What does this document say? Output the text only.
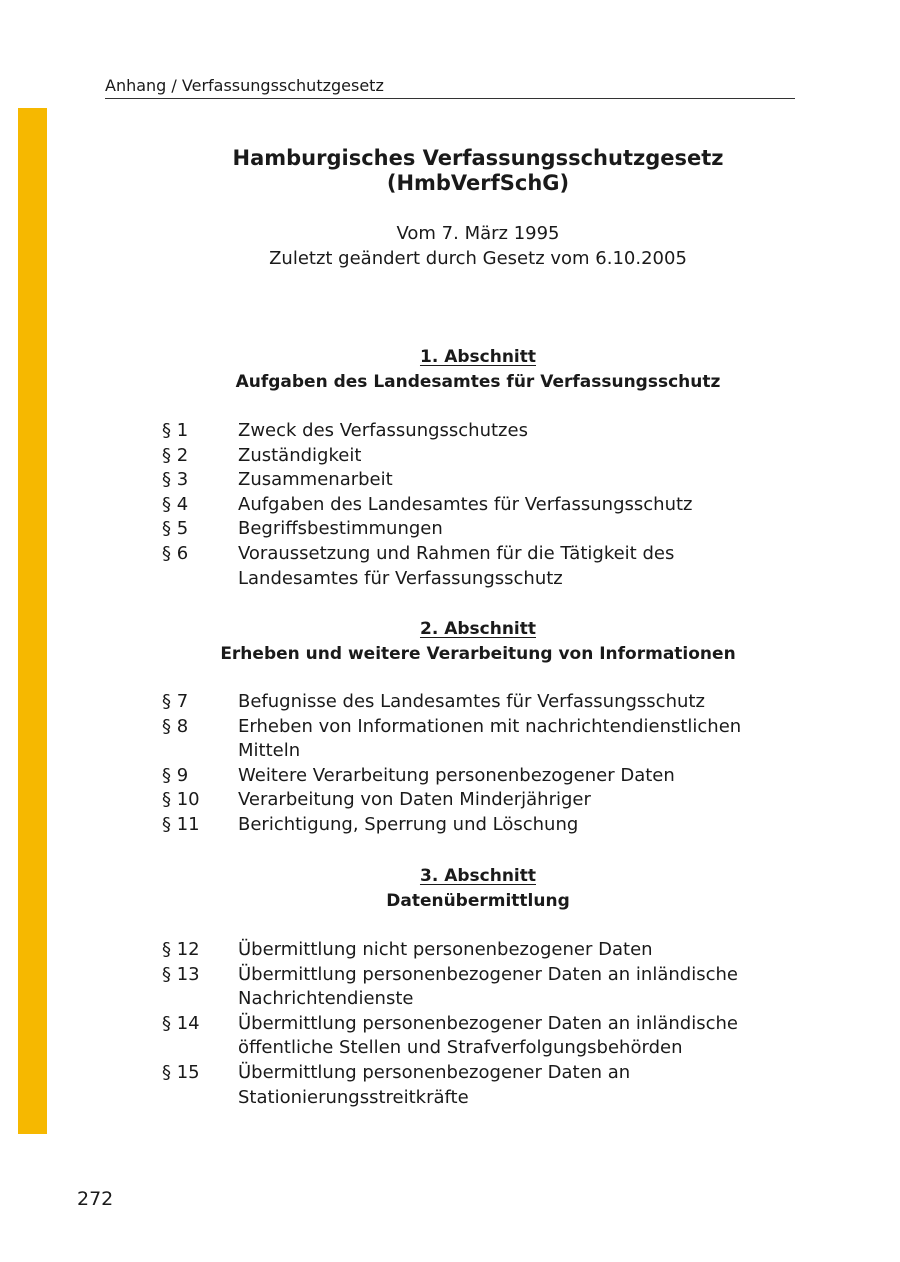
Anhang / Verfassungsschutzgesetz
Hamburgisches Verfassungsschutzgesetz
(HmbVerfSchG)
Vom 7. März 1995
Zuletzt geändert durch Gesetz vom 6.10.2005
1. Abschnitt
Aufgaben des Landesamtes für Verfassungsschutz
§ 1	Zweck des Verfassungsschutzes
§ 2	Zuständigkeit
§ 3	Zusammenarbeit
§ 4	Aufgaben des Landesamtes für Verfassungsschutz
§ 5	Begriffsbestimmungen
§ 6	Voraussetzung und Rahmen für die Tätigkeit des Landesamtes für Verfassungsschutz
2. Abschnitt
Erheben und weitere Verarbeitung von Informationen
§ 7	Befugnisse des Landesamtes für Verfassungsschutz
§ 8	Erheben von Informationen mit nachrichtendienstlichen Mitteln
§ 9	Weitere Verarbeitung personenbezogener Daten
§ 10	Verarbeitung von Daten Minderjähriger
§ 11	Berichtigung, Sperrung und Löschung
3. Abschnitt
Datenübermittlung
§ 12	Übermittlung nicht personenbezogener Daten
§ 13	Übermittlung personenbezogener Daten an inländische Nachrichtendienste
§ 14	Übermittlung personenbezogener Daten an inländische öffentliche Stellen und Strafverfolgungsbehörden
§ 15	Übermittlung personenbezogener Daten an Stationierungsstreitkräfte
272
